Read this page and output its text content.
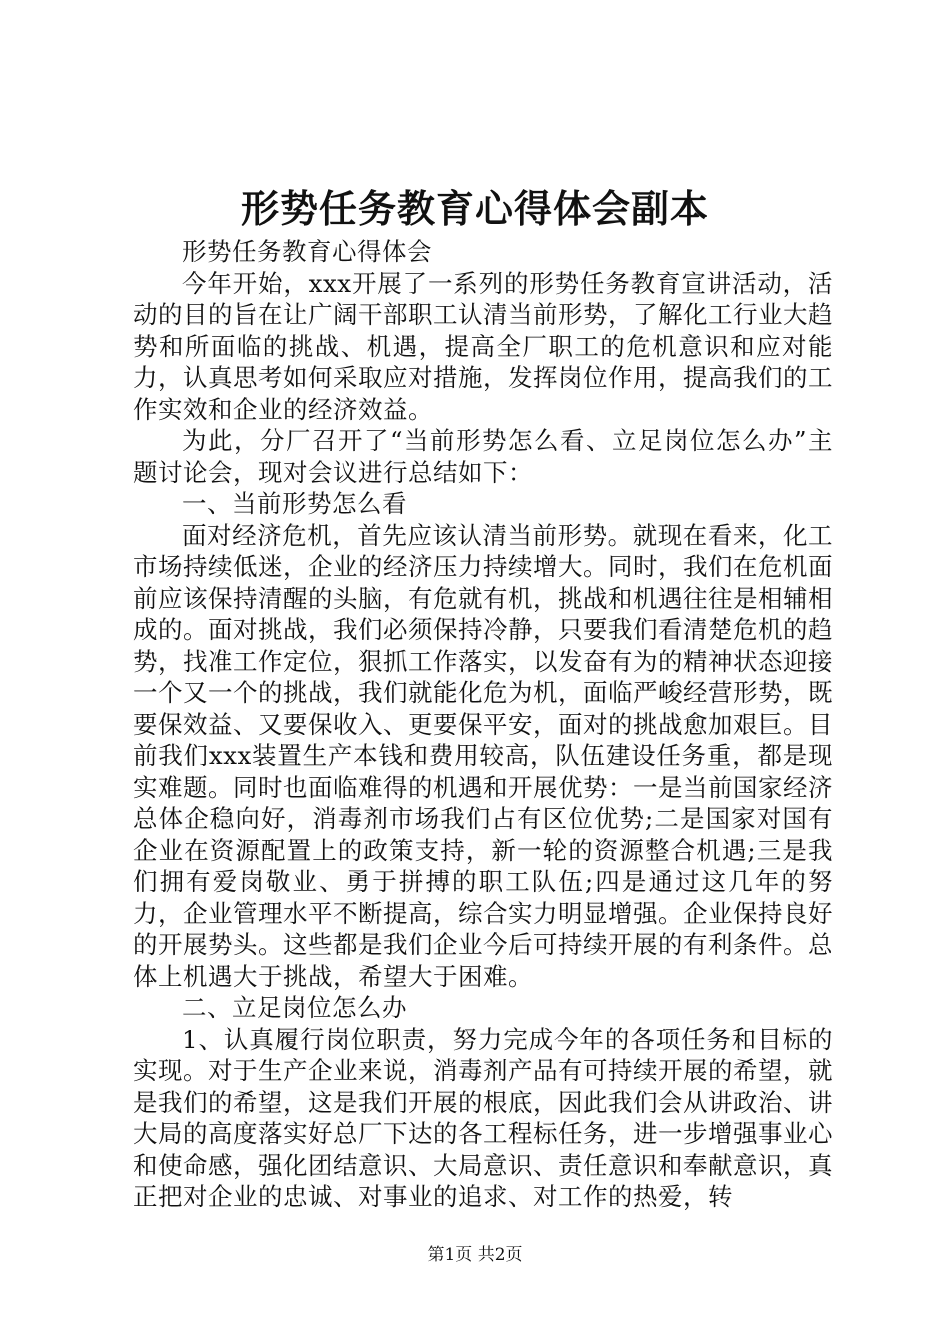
形势任务教育心得体会副本

形势任务教育心得体会

今年开始，xxx开展了一系列的形势任务教育宣讲活动，活动的目的旨在让广阔干部职工认清当前形势，了解化工行业大趋势和所面临的挑战、机遇，提高全厂职工的危机意识和应对能力，认真思考如何采取应对措施，发挥岗位作用，提高我们的工作实效和企业的经济效益。

为此，分厂召开了“当前形势怎么看、立足岗位怎么办”主题讨论会，现对会议进行总结如下：

一、当前形势怎么看

面对经济危机，首先应该认清当前形势。就现在看来，化工市场持续低迷，企业的经济压力持续增大。同时，我们在危机面前应该保持清醒的头脑，有危就有机，挑战和机遇往往是相辅相成的。面对挑战，我们必须保持冷静，只要我们看清楚危机的趋势，找准工作定位，狠抓工作落实，以发奋有为的精神状态迎接一个又一个的挑战，我们就能化危为机，面临严峻经营形势，既要保效益、又要保收入、更要保平安，面对的挑战愈加艰巨。目前我们xxx装置生产本钱和费用较高，队伍建设任务重，都是现实难题。同时也面临难得的机遇和开展优势：一是当前国家经济总体企稳向好，消毒剂市场我们占有区位优势;二是国家对国有企业在资源配置上的政策支持，新一轮的资源整合机遇;三是我们拥有爱岗敬业、勇于拼搏的职工队伍;四是通过这几年的努力，企业管理水平不断提高，综合实力明显增强。企业保持良好的开展势头。这些都是我们企业今后可持续开展的有利条件。总体上机遇大于挑战，希望大于困难。

二、立足岗位怎么办

1、认真履行岗位职责，努力完成今年的各项任务和目标的实现。对于生产企业来说，消毒剂产品有可持续开展的希望，就是我们的希望，这是我们开展的根底，因此我们会从讲政治、讲大局的高度落实好总厂下达的各工程标任务，进一步增强事业心和使命感，强化团结意识、大局意识、责任意识和奉献意识，真正把对企业的忠诚、对事业的追求、对工作的热爱，转

第1页 共2页
